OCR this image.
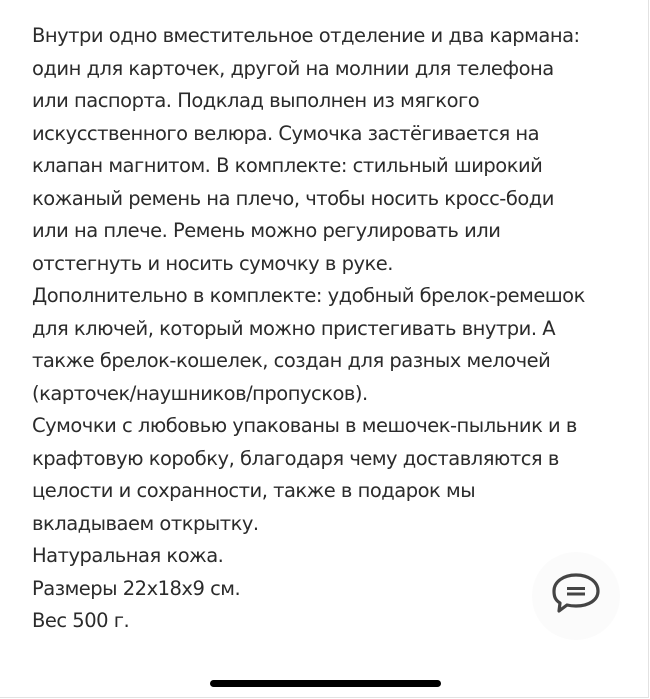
Внутри одно вместительное отделение и два кармана:
один для карточек, другой на молнии для телефона
или паспорта. Подклад выполнен из мягкого
искусственного велюра. Сумочка застёгивается на
клапан магнитом. В комплекте: стильный широкий
кожаный ремень на плечо, чтобы носить кросс-боди
или на плече. Ремень можно регулировать или
отстегнуть и носить сумочку в руке.
Дополнительно в комплекте: удобный брелок-ремешок
для ключей, который можно пристегивать внутри. А
также брелок-кошелек, создан для разных мелочей
(карточек/наушников/пропусков).
Сумочки с любовью упакованы в мешочек-пыльник и в
крафтовую коробку, благодаря чему доставляются в
целости и сохранности, также в подарок мы
вкладываем открытку.
Натуральная кожа.
Размеры 22х18х9 см.
Вес 500 г.
